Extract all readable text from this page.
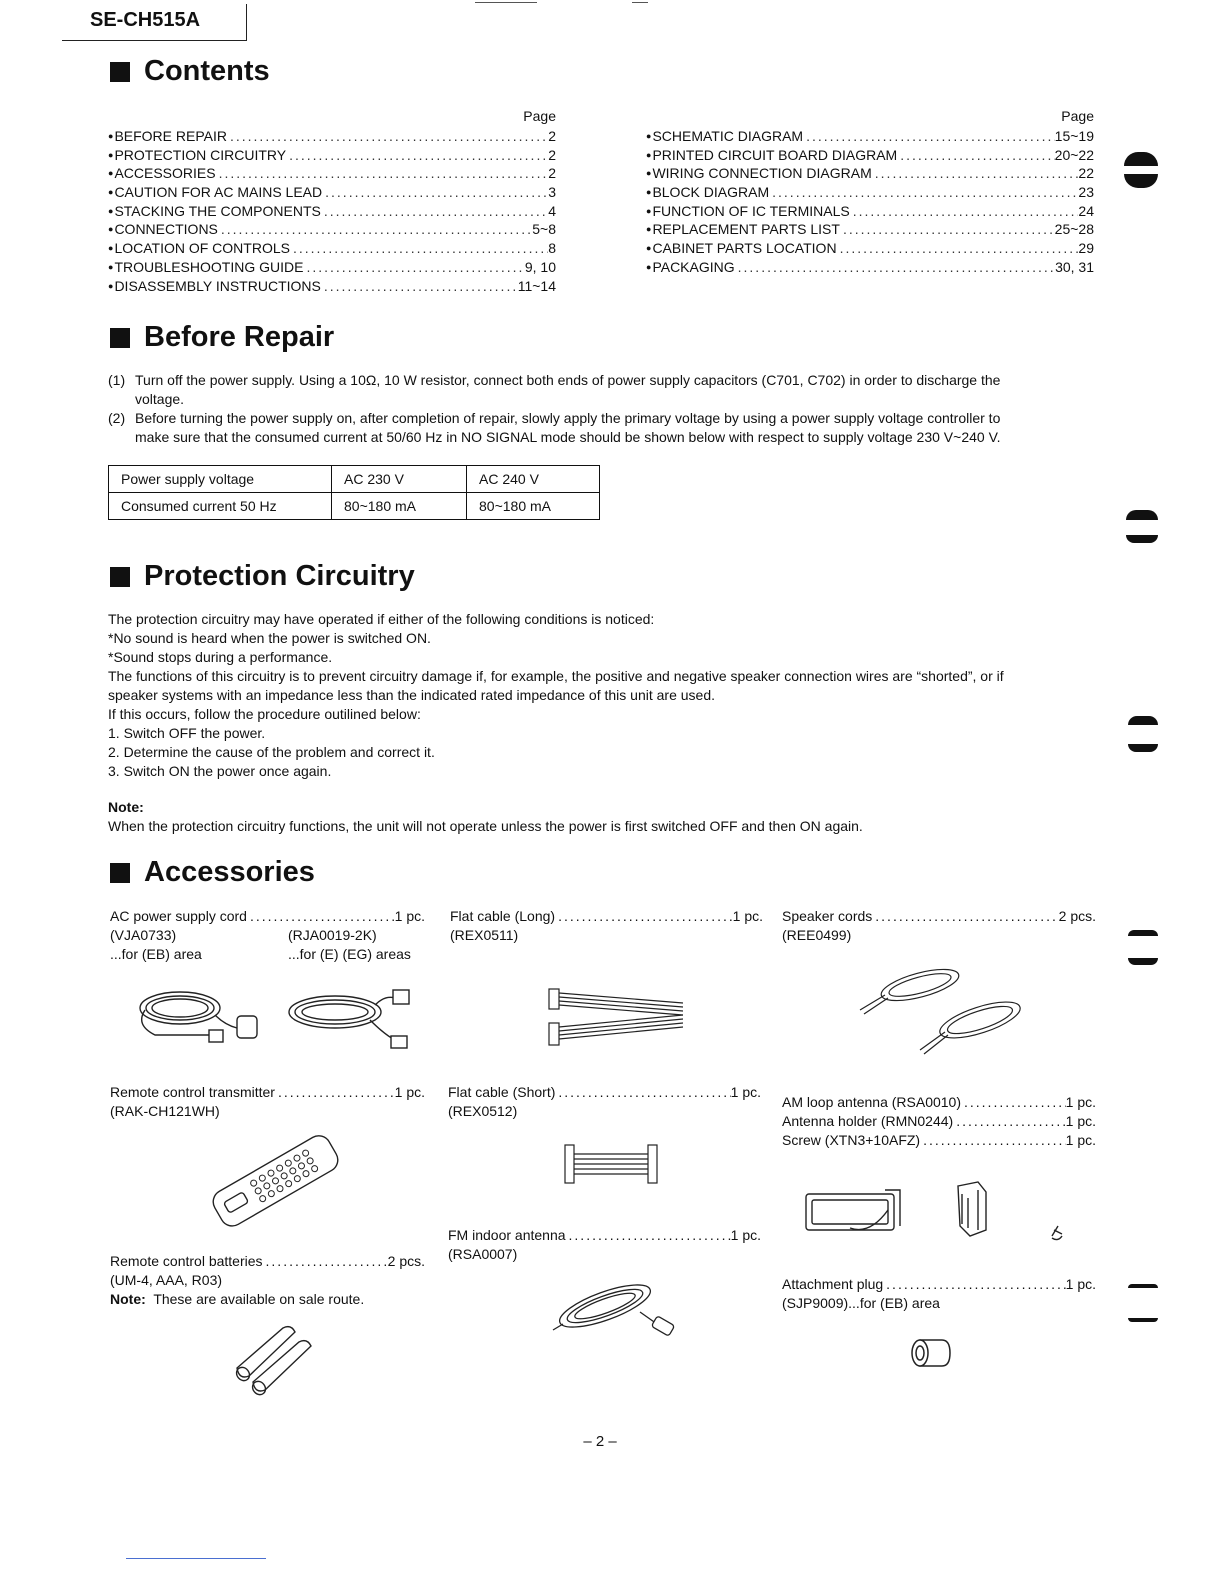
SE-CH515A
Contents
Page
● BEFORE REPAIR .....	2
● PROTECTION CIRCUITRY .....	2
● ACCESSORIES .....	2
● CAUTION FOR AC MAINS LEAD .....	3
● STACKING THE COMPONENTS .....	4
● CONNECTIONS .....	5~8
● LOCATION OF CONTROLS .....	8
● TROUBLESHOOTING GUIDE .....	9, 10
● DISASSEMBLY INSTRUCTIONS .....	11~14
Page
● SCHEMATIC DIAGRAM .....	15~19
● PRINTED CIRCUIT BOARD DIAGRAM .....	20~22
● WIRING CONNECTION DIAGRAM .....	22
● BLOCK DIAGRAM .....	23
● FUNCTION OF IC TERMINALS .....	24
● REPLACEMENT PARTS LIST .....	25~28
● CABINET PARTS LOCATION .....	29
● PACKAGING .....	30, 31
Before Repair
(1) Turn off the power supply. Using a 10Ω, 10 W resistor, connect both ends of power supply capacitors (C701, C702) in order to discharge the
voltage.
(2) Before turning the power supply on, after completion of repair, slowly apply the primary voltage by using a power supply voltage controller to
make sure that the consumed current at 50/60 Hz in NO SIGNAL mode should be shown below with respect to supply voltage 230 V~240 V.
Power supply voltage	AC 230 V	AC 240 V
Consumed current 50 Hz	80~180 mA	80~180 mA
Protection Circuitry
The protection circuitry may have operated if either of the following conditions is noticed:
*No sound is heard when the power is switched ON.
*Sound stops during a performance.
The functions of this circuitry is to prevent circuitry damage if, for example, the positive and negative speaker connection wires are “shorted”, or if
speaker systems with an impedance less than the indicated rated impedance of this unit are used.
If this occurs, follow the procedure outilined below:
1. Switch OFF the power.
2. Determine the cause of the problem and correct it.
3. Switch ON the power once again.
Note:
When the protection circuitry functions, the unit will not operate unless the power is first switched OFF and then ON again.
Accessories
AC power supply cord .....	1 pc.
(VJA0733)	(RJA0019-2K)
...for (EB) area	...for (E) (EG) areas
Flat cable (Long) .....	1 pc.
(REX0511)
Speaker cords .....	2 pcs.
(REE0499)
Remote control transmitter .....	1 pc.
(RAK-CH121WH)
Flat cable (Short) .....	1 pc.
(REX0512)
AM loop antenna (RSA0010) .....	1 pc.
Antenna holder (RMN0244) .....	1 pc.
Screw (XTN3+10AFZ) .....	1 pc.
FM indoor antenna .....	1 pc.
(RSA0007)
Remote control batteries .....	2 pcs.
(UM-4, AAA, R03)
Note: These are available on sale route.
Attachment plug .....	1 pc.
(SJP9009)...for (EB) area
– 2 –
